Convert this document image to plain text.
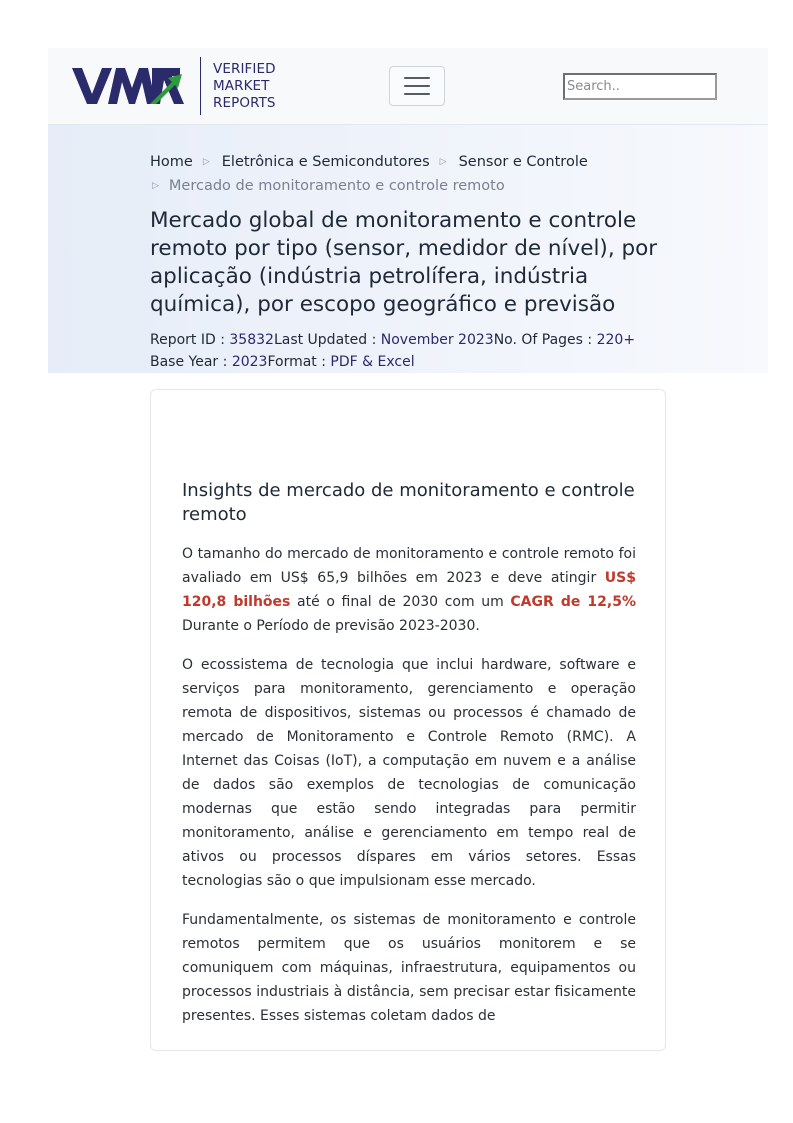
VERIFIED
MARKET
REPORTS
Search..
Home ▷ Eletrônica e Semicondutores ▷ Sensor e Controle
▷ Mercado de monitoramento e controle remoto
Mercado global de monitoramento e controle remoto por tipo (sensor, medidor de nível), por aplicação (indústria petrolífera, indústria química), por escopo geográfico e previsão
Report ID : 35832Last Updated : November 2023No. Of Pages : 220+
Base Year : 2023Format : PDF & Excel
Insights de mercado de monitoramento e controle remoto

O tamanho do mercado de monitoramento e controle remoto foi avaliado em US$ 65,9 bilhões em 2023 e deve atingir US$ 120,8 bilhões até o final de 2030 com um CAGR de 12,5% Durante o Período de previsão 2023-2030.

O ecossistema de tecnologia que inclui hardware, software e serviços para monitoramento, gerenciamento e operação remota de dispositivos, sistemas ou processos é chamado de mercado de Monitoramento e Controle Remoto (RMC). A Internet das Coisas (IoT), a computação em nuvem e a análise de dados são exemplos de tecnologias de comunicação modernas que estão sendo integradas para permitir monitoramento, análise e gerenciamento em tempo real de ativos ou processos díspares em vários setores. Essas tecnologias são o que impulsionam esse mercado.

Fundamentalmente, os sistemas de monitoramento e controle remotos permitem que os usuários monitorem e se comuniquem com máquinas, infraestrutura, equipamentos ou processos industriais à distância, sem precisar estar fisicamente presentes. Esses sistemas coletam dados de
